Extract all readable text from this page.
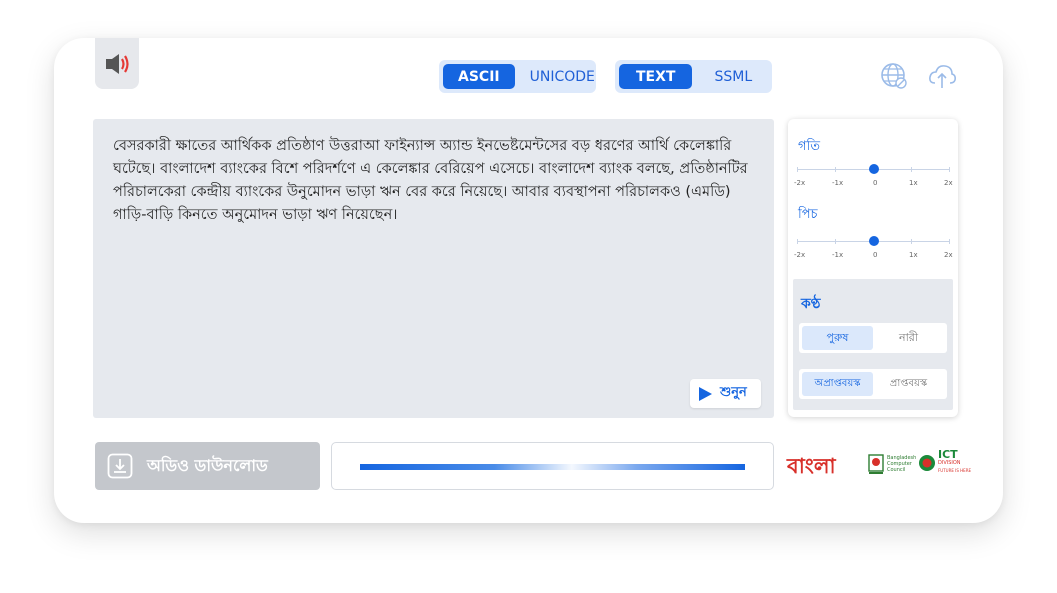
ASCII	UNICODE	TEXT	SSML

বেসরকারী ক্ষাতের আর্থিকক প্রতিষ্ঠাণ উত্তরাআ ফাইন্যান্স অ্যান্ড ইনভেষ্টমেন্টসের বড় ধরণের আর্থি কেলেঙ্কারি ঘটেছে। বাংলাদেশ ব্যাংকের বিশে পরিদর্শণে এ কেলেঙ্কার বেরিয়েপ এসেচে। বাংলাদেশ ব্যাংক বলছে, প্রতিষ্ঠানটির পরিচালকেরা কেন্দ্রীয় ব্যাংকের উনুমোদন ভাড়া ঋন বের করে নিয়েছে। আবার ব্যবস্থাপনা পরিচালকও (এমডি) গাড়ি-বাড়ি কিনতে অনুমোদন ভাড়া ঋণ নিয়েছেন।

শুনুন
গতি
-2x	-1x	0	1x	2x
পিচ
-2x	-1x	0	1x	2x
কণ্ঠ
পুরুষ	নারী
অপ্রাপ্তবয়স্ক	প্রাপ্তবয়স্ক
অডিও ডাউনলোড	বাংলা	Bangladesh
Computer
Council
ICT
DIVISION
FUTURE IS HERE
